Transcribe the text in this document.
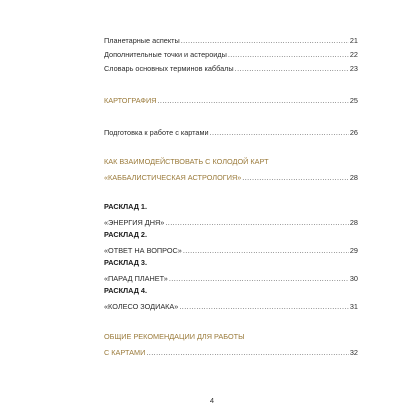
Планетарные аспекты .....	21
Дополнительные точки и астероиды .....	22
Словарь основных терминов каббалы .....	23
КАРТОГРАФИЯ .....	25
Подготовка к работе с картами .....	26
КАК ВЗАИМОДЕЙСТВОВАТЬ С КОЛОДОЙ КАРТ
«КАББАЛИСТИЧЕСКАЯ АСТРОЛОГИЯ» .....	28
РАСКЛАД 1.
«ЭНЕРГИЯ ДНЯ» .....	28
РАСКЛАД 2.
«ОТВЕТ НА ВОПРОС» .....	29
РАСКЛАД 3.
«ПАРАД ПЛАНЕТ» .....	30
РАСКЛАД 4.
«КОЛЕСО ЗОДИАКА» .....	31
ОБЩИЕ РЕКОМЕНДАЦИИ ДЛЯ РАБОТЫ
С КАРТАМИ .....	32
4
